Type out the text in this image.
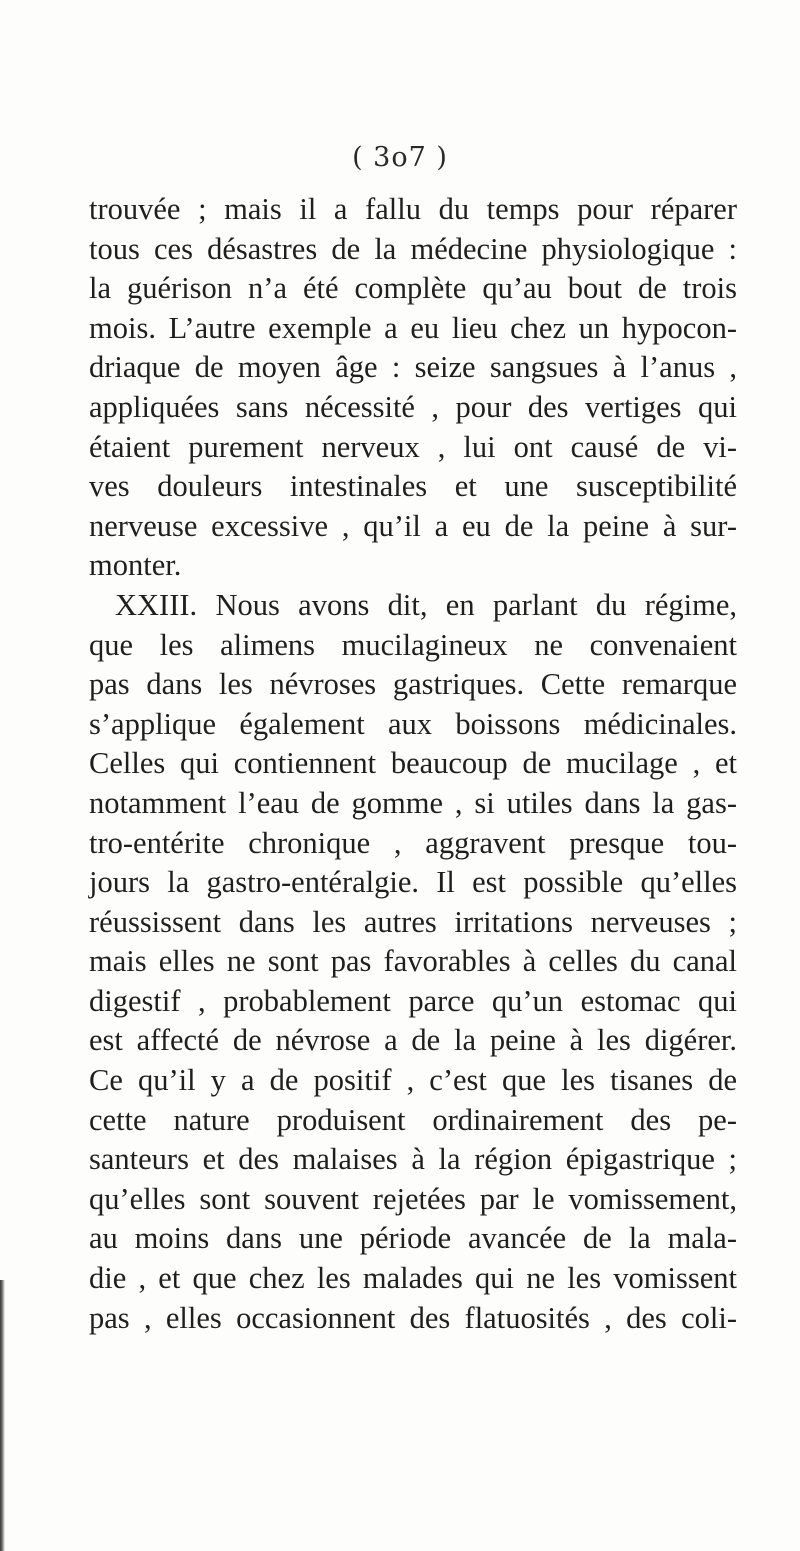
( 3o7 )
trouvée ; mais il a fallu du temps pour réparer
tous ces désastres de la médecine physiologique :
la guérison n’a été complète qu’au bout de trois
mois. L’autre exemple a eu lieu chez un hypocon-
driaque de moyen âge : seize sangsues à l’anus ,
appliquées sans nécessité , pour des vertiges qui
étaient purement nerveux , lui ont causé de vi-
ves douleurs intestinales et une susceptibilité
nerveuse excessive , qu’il a eu de la peine à sur-
monter.
XXIII. Nous avons dit, en parlant du régime,
que les alimens mucilagineux ne convenaient
pas dans les névroses gastriques. Cette remarque
s’applique également aux boissons médicinales.
Celles qui contiennent beaucoup de mucilage , et
notamment l’eau de gomme , si utiles dans la gas-
tro-entérite chronique , aggravent presque tou-
jours la gastro-entéralgie. Il est possible qu’elles
réussissent dans les autres irritations nerveuses ;
mais elles ne sont pas favorables à celles du canal
digestif , probablement parce qu’un estomac qui
est affecté de névrose a de la peine à les digérer.
Ce qu’il y a de positif , c’est que les tisanes de
cette nature produisent ordinairement des pe-
santeurs et des malaises à la région épigastrique ;
qu’elles sont souvent rejetées par le vomissement,
au moins dans une période avancée de la mala-
die , et que chez les malades qui ne les vomissent
pas , elles occasionnent des flatuosités , des coli-
